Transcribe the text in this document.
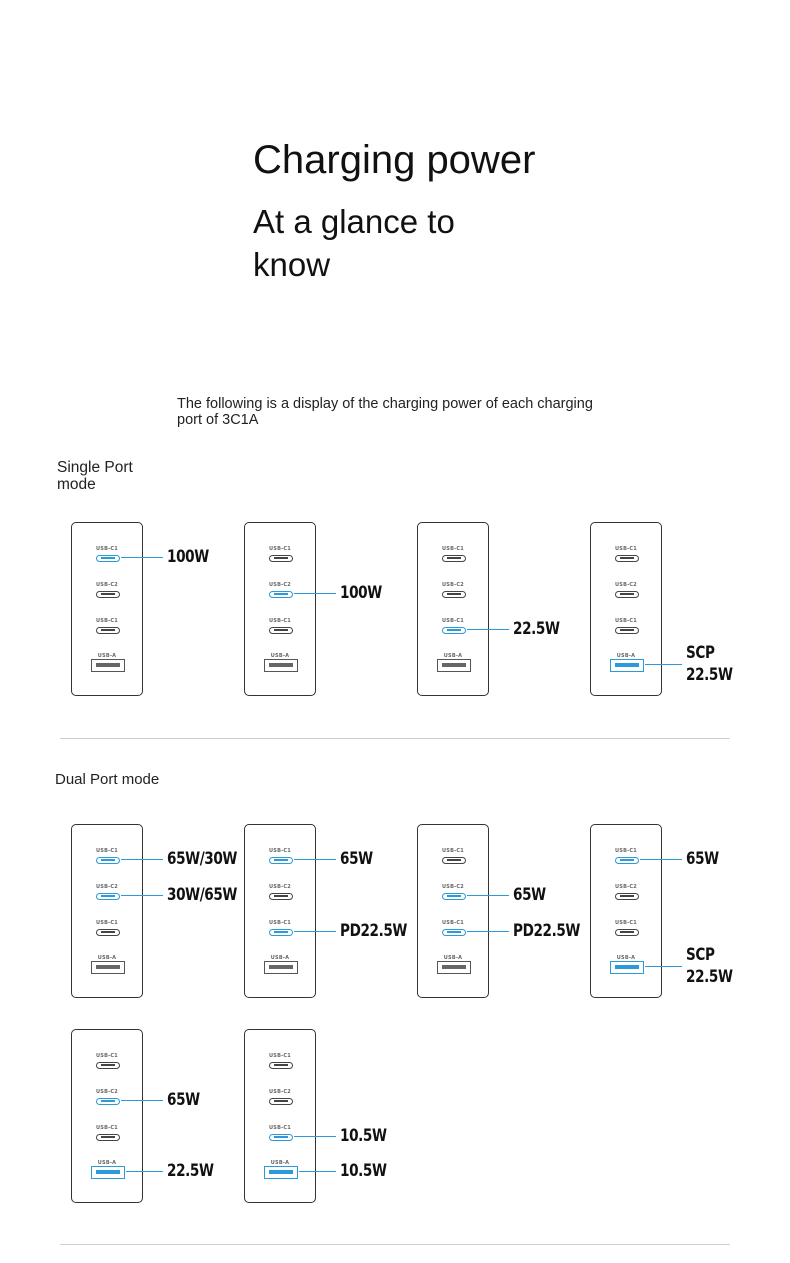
Charging power
At a glance to know
The following is a display of the charging power of each charging port of 3C1A
Single Port mode
Dual Port mode
USB-C1
USB-C2
USB-C1
USB-A
100W	USB-C1
USB-C2
USB-C1
USB-A
100W
USB-C1
USB-C2
USB-C1
USB-A
22.5W
USB-C1
USB-C2
USB-C1
USB-A	SCP
22.5W
USB-C1
USB-C2
USB-C1
USB-A
65W/30W
30W/65W
USB-C1
USB-C2
USB-C1
USB-A
65W
PD22.5W
USB-C1
USB-C2
USB-C1
USB-A
65W
PD22.5W
USB-C1
USB-C2
USB-C1
USB-A
65W
SCP
22.5W
USB-C1
USB-C2
USB-C1
USB-A
65W
22.5W
USB-C1
USB-C2
USB-C1
USB-A
10.5W
10.5W
